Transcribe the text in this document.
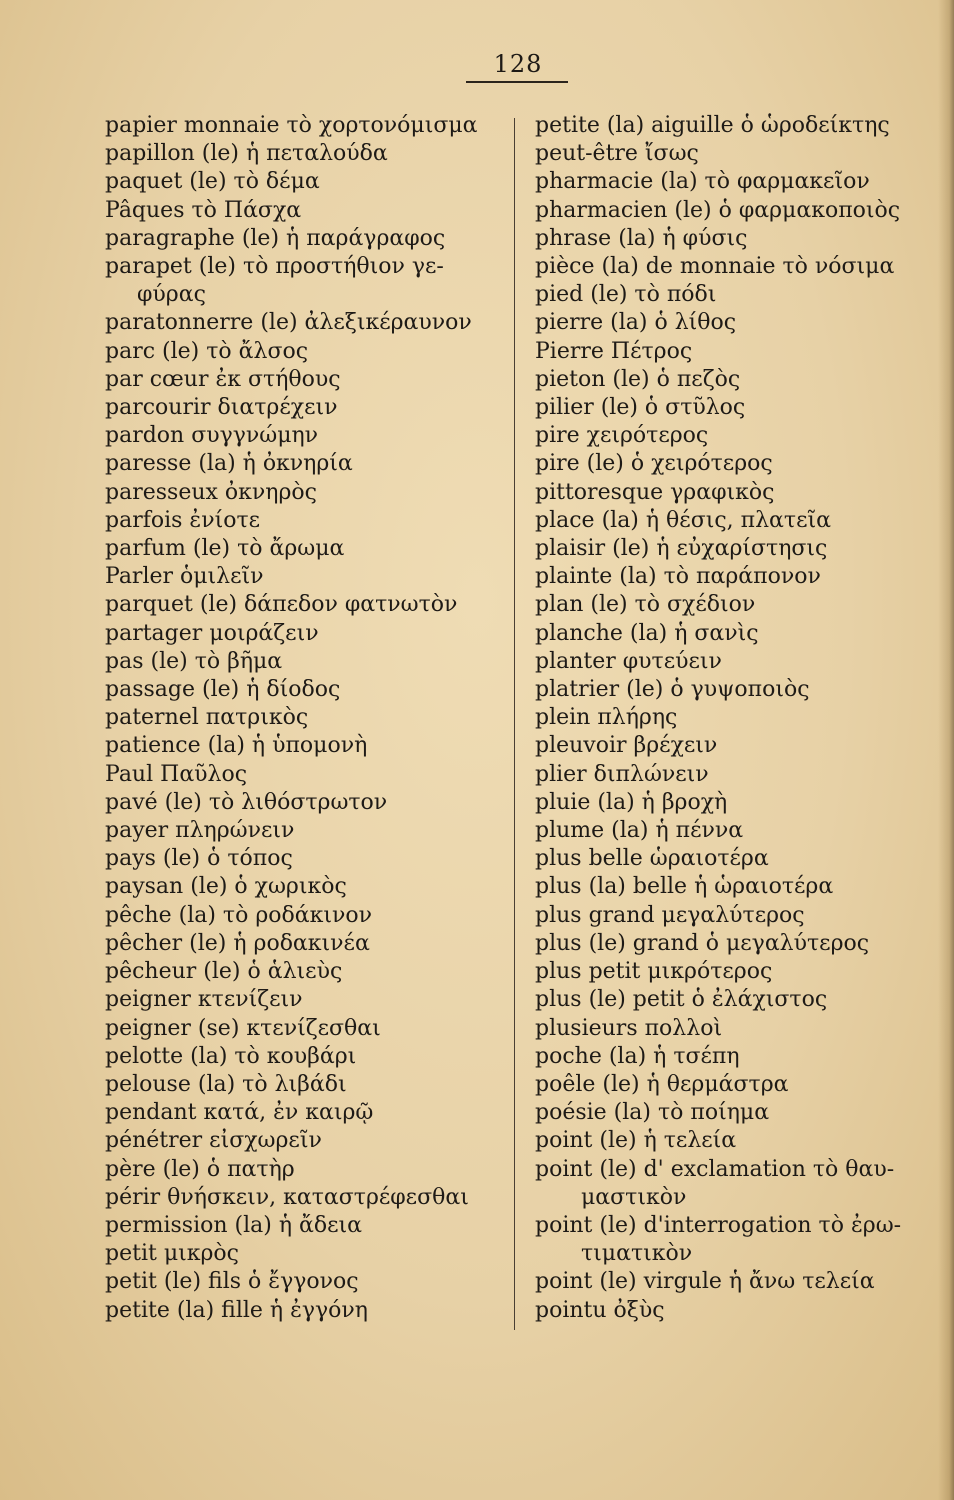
128
papier monnaie τὸ χορτονόμισμα
papillon (le) ἡ πεταλούδα
paquet (le) τὸ δέμα
Pâques τὸ Πάσχα
paragraphe (le) ἡ παράγραφος
parapet (le) τὸ προστήθιον γε-
φύρας
paratonnerre (le) ἀλεξικέραυνον
parc (le) τὸ ἄλσος
par cœur ἐκ στήθους
parcourir διατρέχειν
pardon συγγνώμην
paresse (la) ἡ ὀκνηρία
paresseux ὀκνηρὸς
parfois ἐνίοτε
parfum (le) τὸ ἄρωμα
Parler ὁμιλεῖν
parquet (le) δάπεδον φατνωτὸν
partager μοιράζειν
pas (le) τὸ βῆμα
passage (le) ἡ δίοδος
paternel πατρικὸς
patience (la) ἡ ὑπομονὴ
Paul Παῦλος
pavé (le) τὸ λιθόστρωτον
payer πληρώνειν
pays (le) ὁ τόπος
paysan (le) ὁ χωρικὸς
pêche (la) τὸ ροδάκινον
pêcher (le) ἡ ροδακινέα
pêcheur (le) ὁ ἁλιεὺς
peigner κτενίζειν
peigner (se) κτενίζεσθαι
pelotte (la) τὸ κουβάρι
pelouse (la) τὸ λιβάδι
pendant κατά, ἐν καιρῷ
pénétrer εἰσχωρεῖν
père (le) ὁ πατὴρ
périr θνήσκειν, καταστρέφεσθαι
permission (la) ἡ ἄδεια
petit μικρὸς
petit (le) fils ὁ ἔγγονος
petite (la) fille ἡ ἐγγόνη
petite (la) aiguille ὁ ὡροδείκτης
peut-être ἴσως
pharmacie (la) τὸ φαρμακεῖον
pharmacien (le) ὁ φαρμακοποιὸς
phrase (la) ἡ φύσις
pièce (la) de monnaie τὸ νόσιμα
pied (le) τὸ πόδι
pierre (la) ὁ λίθος
Pierre Πέτρος
pieton (le) ὁ πεζὸς
pilier (le) ὁ στῦλος
pire χειρότερος
pire (le) ὁ χειρότερος
pittoresque γραφικὸς
place (la) ἡ θέσις, πλατεῖα
plaisir (le) ἡ εὐχαρίστησις
plainte (la) τὸ παράπονον
plan (le) τὸ σχέδιον
planche (la) ἡ σανὶς
planter φυτεύειν
platrier (le) ὁ γυψοποιὸς
plein πλήρης
pleuvoir βρέχειν
plier διπλώνειν
pluie (la) ἡ βροχὴ
plume (la) ἡ πέννα
plus belle ὡραιοτέρα
plus (la) belle ἡ ὡραιοτέρα
plus grand μεγαλύτερος
plus (le) grand ὁ μεγαλύτερος
plus petit μικρότερος
plus (le) petit ὁ ἐλάχιστος
plusieurs πολλοὶ
poche (la) ἡ τσέπη
poêle (le) ἡ θερμάστρα
poésie (la) τὸ ποίημα
point (le) ἡ τελεία
point (le) d' exclamation τὸ θαυ-
μαστικὸν
point (le) d'interrogation τὸ ἐρω-
τιματικὸν
point (le) virgule ἡ ἄνω τελεία
pointu ὀξὺς
